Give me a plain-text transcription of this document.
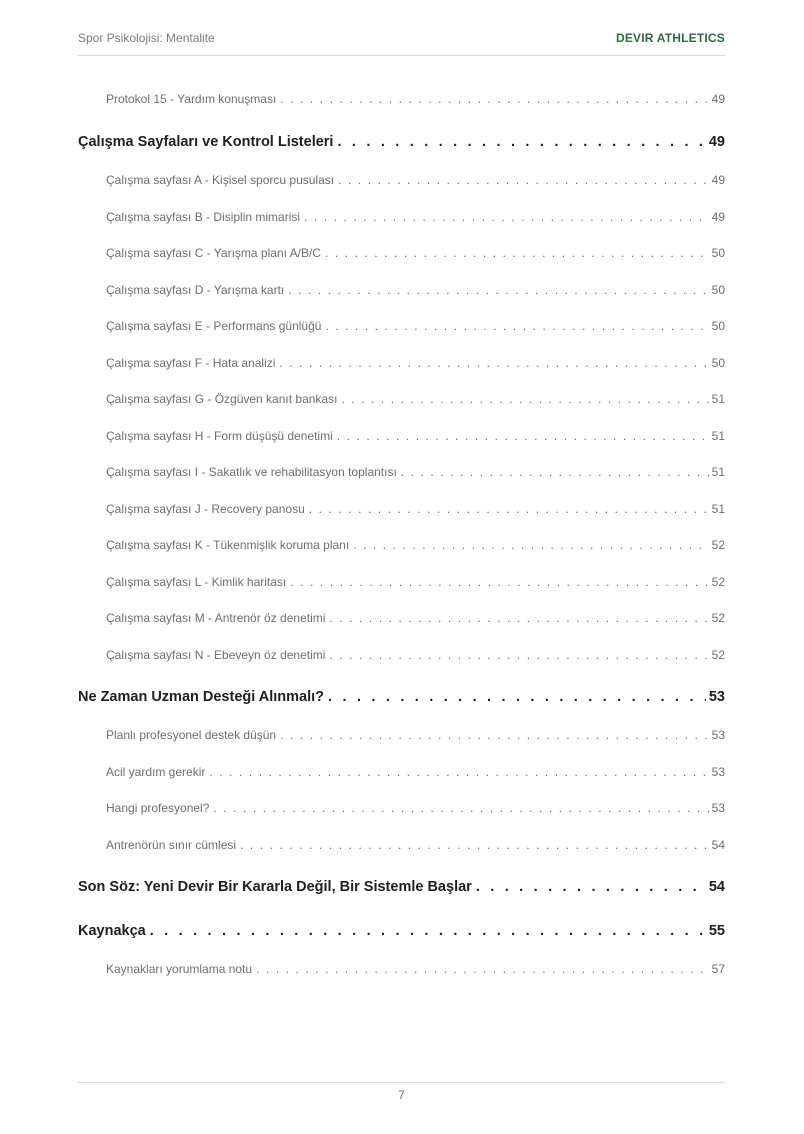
Spor Psikolojisi: Mentalite	DEVIR ATHLETICS
Protokol 15 - Yardım konuşması . . .	49
Çalışma Sayfaları ve Kontrol Listeleri . . .	49
Çalışma sayfası A - Kişisel sporcu pusulası . . .	49
Çalışma sayfası B - Disiplin mimarisi . . .	49
Çalışma sayfası C - Yarışma planı A/B/C . . .	50
Çalışma sayfası D - Yarışma kartı . . .	50
Çalışma sayfası E - Performans günlüğü . . .	50
Çalışma sayfası F - Hata analizi . . .	50
Çalışma sayfası G - Özgüven kanıt bankası . . .	51
Çalışma sayfası H - Form düşüşü denetimi . . .	51
Çalışma sayfası I - Sakatlık ve rehabilitasyon toplantısı . . .	51
Çalışma sayfası J - Recovery panosu . . .	51
Çalışma sayfası K - Tükenmişlik koruma planı . . .	52
Çalışma sayfası L - Kimlik haritası . . .	52
Çalışma sayfası M - Antrenör öz denetimi . . .	52
Çalışma sayfası N - Ebeveyn öz denetimi . . .	52
Ne Zaman Uzman Desteği Alınmalı? . . .	53
Planlı profesyonel destek düşün . . .	53
Acil yardım gerekir . . .	53
Hangi profesyonel? . . .	53
Antrenörün sınır cümlesi . . .	54
Son Söz: Yeni Devir Bir Kararla Değil, Bir Sistemle Başlar . . .	54
Kaynakça . . .	55
Kaynakları yorumlama notu . . .	57
7
